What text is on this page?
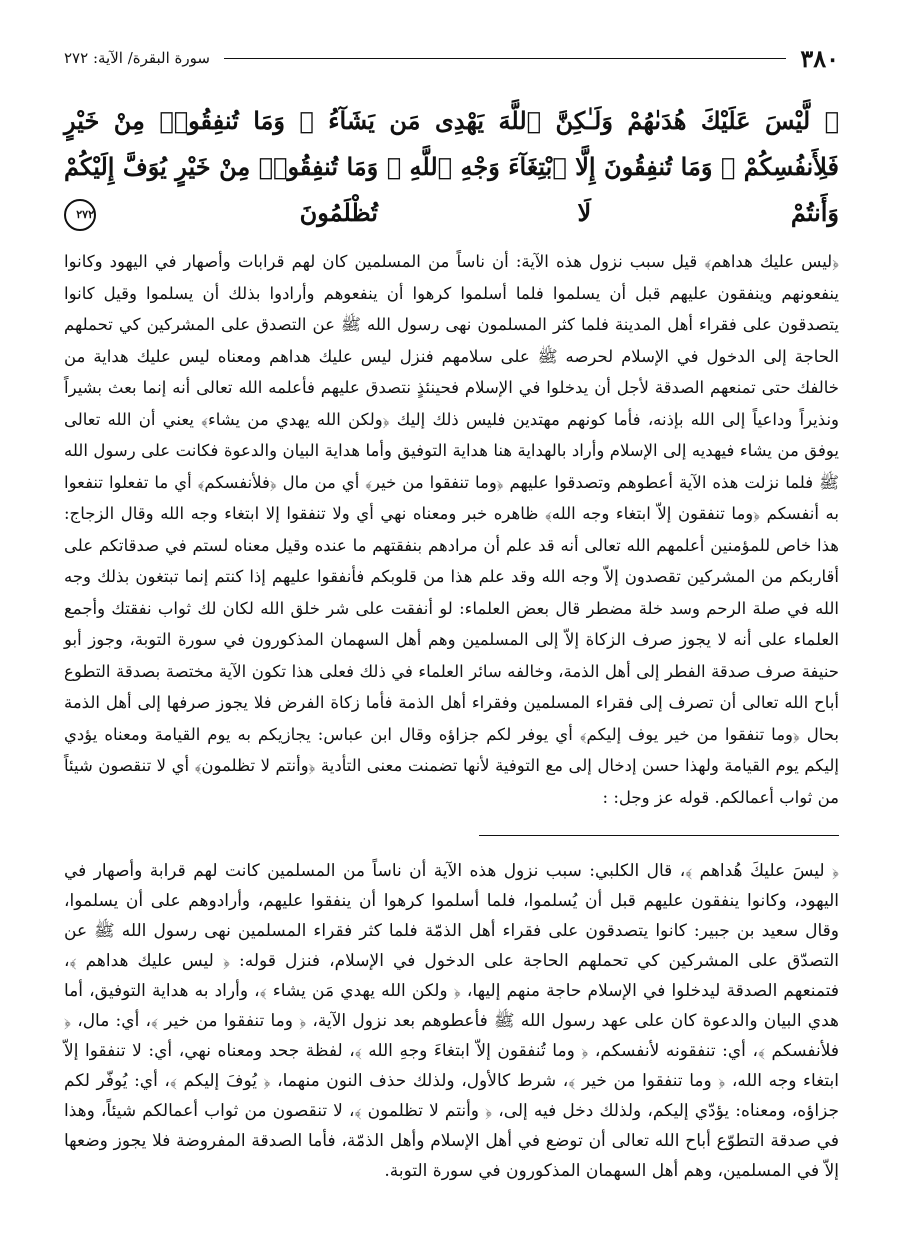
٣٨٠
سورة البقرة/ الآية: ٢٧٢
﴿ لَّيْسَ عَلَيْكَ هُدَىٰهُمْ وَلَـٰكِنَّ ٱللَّهَ يَهْدِى مَن يَشَآءُ ۗ وَمَا تُنفِقُوا۟ مِنْ خَيْرٍ فَلِأَنفُسِكُمْ ۚ وَمَا تُنفِقُونَ إِلَّا ٱبْتِغَآءَ وَجْهِ ٱللَّهِ ۚ وَمَا تُنفِقُوا۟ مِنْ خَيْرٍ يُوَفَّ إِلَيْكُمْ وَأَنتُمْ لَا تُظْلَمُونَ ٢٧٢
﴿ليس عليك هداهم﴾ قيل سبب نزول هذه الآية: أن ناساً من المسلمين كان لهم قرابات وأصهار في اليهود وكانوا ينفعونهم وينفقون عليهم قبل أن يسلموا فلما أسلموا كرهوا أن ينفعوهم وأرادوا بذلك أن يسلموا وقيل كانوا يتصدقون على فقراء أهل المدينة فلما كثر المسلمون نهى رسول الله ﷺ عن التصدق على المشركين كي تحملهم الحاجة إلى الدخول في الإسلام لحرصه ﷺ على سلامهم فنزل ليس عليك هداهم ومعناه ليس عليك هداية من خالفك حتى تمنعهم الصدقة لأجل أن يدخلوا في الإسلام فحينئذٍ نتصدق عليهم فأعلمه الله تعالى أنه إنما بعث بشيراً ونذيراً وداعياً إلى الله بإذنه، فأما كونهم مهتدين فليس ذلك إليك ﴿ولكن الله يهدي من يشاء﴾ يعني أن الله تعالى يوفق من يشاء فيهديه إلى الإسلام وأراد بالهداية هنا هداية التوفيق وأما هداية البيان والدعوة فكانت على رسول الله ﷺ فلما نزلت هذه الآية أعطوهم وتصدقوا عليهم ﴿وما تنفقوا من خير﴾ أي من مال ﴿فلأنفسكم﴾ أي ما تفعلوا تنفعوا به أنفسكم ﴿وما تنفقون إلاّ ابتغاء وجه الله﴾ ظاهره خبر ومعناه نهي أي ولا تنفقوا إلا ابتغاء وجه الله وقال الزجاج: هذا خاص للمؤمنين أعلمهم الله تعالى أنه قد علم أن مرادهم بنفقتهم ما عنده وقيل معناه لستم في صدقاتكم على أقاربكم من المشركين تقصدون إلاّ وجه الله وقد علم هذا من قلوبكم فأنفقوا عليهم إذا كنتم إنما تبتغون بذلك وجه الله في صلة الرحم وسد خلة مضطر قال بعض العلماء: لو أنفقت على شر خلق الله لكان لك ثواب نفقتك وأجمع العلماء على أنه لا يجوز صرف الزكاة إلاّ إلى المسلمين وهم أهل السهمان المذكورون في سورة التوبة، وجوز أبو حنيفة صرف صدقة الفطر إلى أهل الذمة، وخالفه سائر العلماء في ذلك فعلى هذا تكون الآية مختصة بصدقة التطوع أباح الله تعالى أن تصرف إلى فقراء المسلمين وفقراء أهل الذمة فأما زكاة الفرض فلا يجوز صرفها إلى أهل الذمة بحال ﴿وما تنفقوا من خير يوف إليكم﴾ أي يوفر لكم جزاؤه وقال ابن عباس: يجازيكم به يوم القيامة ومعناه يؤدي إليكم يوم القيامة ولهذا حسن إدخال إلى مع التوفية لأنها تضمنت معنى التأدية ﴿وأنتم لا تظلمون﴾ أي لا تنقصون شيئاً من ثواب أعمالكم. قوله عز وجل: :
﴿ ليسَ عليكَ هُداهم ﴾، قال الكلبي: سبب نزول هذه الآية أن ناساً من المسلمين كانت لهم قرابة وأصهار في اليهود، وكانوا ينفقون عليهم قبل أن يُسلموا، فلما أسلموا كرهوا أن ينفقوا عليهم، وأرادوهم على أن يسلموا، وقال سعيد بن جبير: كانوا يتصدقون على فقراء أهل الذمّة فلما كثر فقراء المسلمين نهى رسول الله ﷺ عن التصدّق على المشركين كي تحملهم الحاجة على الدخول في الإسلام، فنزل قوله: ﴿ ليس عليك هداهم ﴾، فتمنعهم الصدقة ليدخلوا في الإسلام حاجة منهم إليها، ﴿ ولكن الله يهدي مَن يشاء ﴾، وأراد به هداية التوفيق، أما هدي البيان والدعوة كان على عهد رسول الله ﷺ فأعطوهم بعد نزول الآية، ﴿ وما تنفقوا من خير ﴾، أي: مال، ﴿ فلأنفسكم ﴾، أي: تنفقونه لأنفسكم، ﴿ وما تُنفقون إلاّ ابتغاءَ وجهِ الله ﴾، لفظة جحد ومعناه نهي، أي: لا تنفقوا إلاّ ابتغاء وجه الله، ﴿ وما تنفقوا من خير ﴾، شرط كالأول، ولذلك حذف النون منهما، ﴿ يُوفَ إليكم ﴾، أي: يُوفّر لكم جزاؤه، ومعناه: يؤدّي إليكم، ولذلك دخل فيه إلى، ﴿ وأنتم لا تظلمون ﴾، لا تنقصون من ثواب أعمالكم شيئاً، وهذا في صدقة التطوّع أباح الله تعالى أن توضع في أهل الإسلام وأهل الذمّة، فأما الصدقة المفروضة فلا يجوز وضعها إلاّ في المسلمين، وهم أهل السهمان المذكورون في سورة التوبة.
